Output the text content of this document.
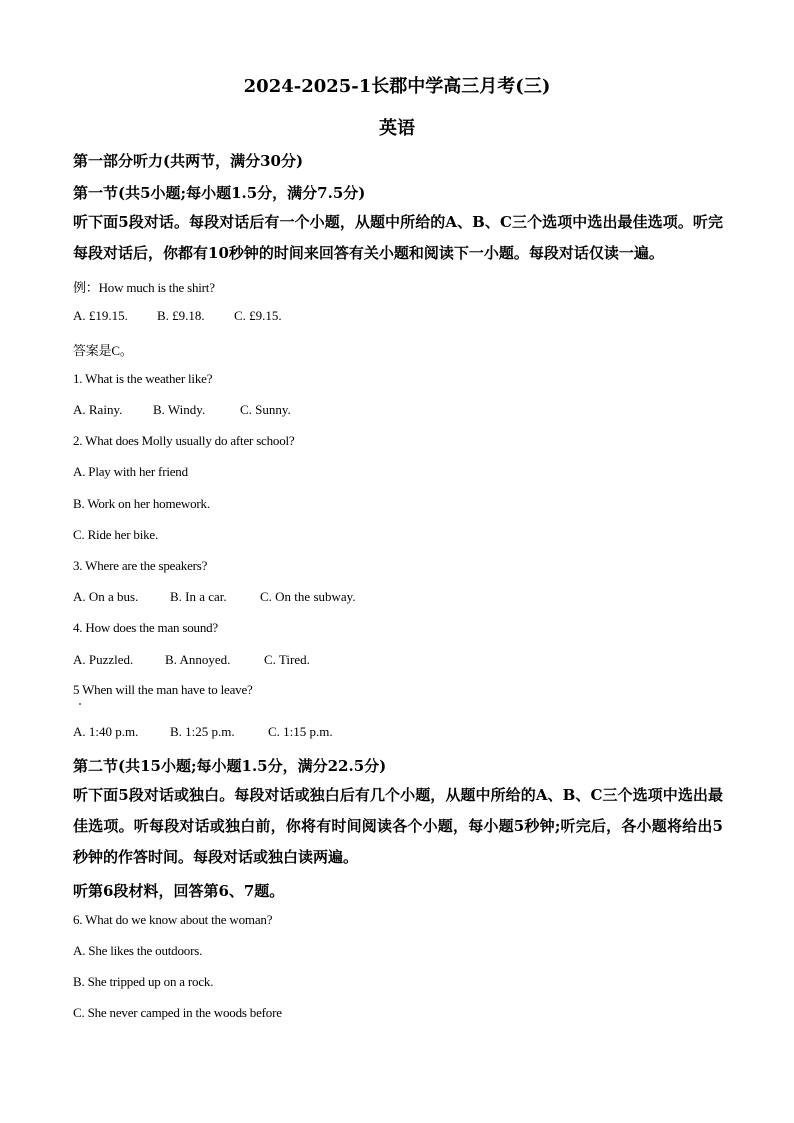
2024-2025-1长郡中学高三月考(三)
英语
第一部分听力(共两节，满分30分)
第一节(共5小题;每小题1.5分，满分7.5分)
听下面5段对话。每段对话后有一个小题，从题中所给的A、B、C三个选项中选出最佳选项。听完每段对话后，你都有10秒钟的时间来回答有关小题和阅读下一小题。每段对话仅读一遍。
例：How much is the shirt?
A. £19.15. B. £9.18. C. £9.15.
答案是C。
1. What is the weather like?
A. Rainy. B. Windy.	C. Sunny.
2. What does Molly usually do after school?
A. Play with her friend
B. Work on her homework.
C. Ride her bike.
3. Where are the speakers?
A. On a bus. B. In a car.	C. On the subway.
4. How does the man sound?
A. Puzzled. B. Annoyed.	C. Tired.
5 When will the man have to leave?
A. 1:40 p.m. B. 1:25 p.m.	C. 1:15 p.m.
第二节(共15小题;每小题1.5分，满分22.5分)
听下面5段对话或独白。每段对话或独白后有几个小题，从题中所给的A、B、C三个选项中选出最佳选项。听每段对话或独白前，你将有时间阅读各个小题，每小题5秒钟;听完后，各小题将给出5秒钟的作答时间。每段对话或独白读两遍。
听第6段材料，回答第6、7题。
6. What do we know about the woman?
A. She likes the outdoors.
B. She tripped up on a rock.
C. She never camped in the woods before
